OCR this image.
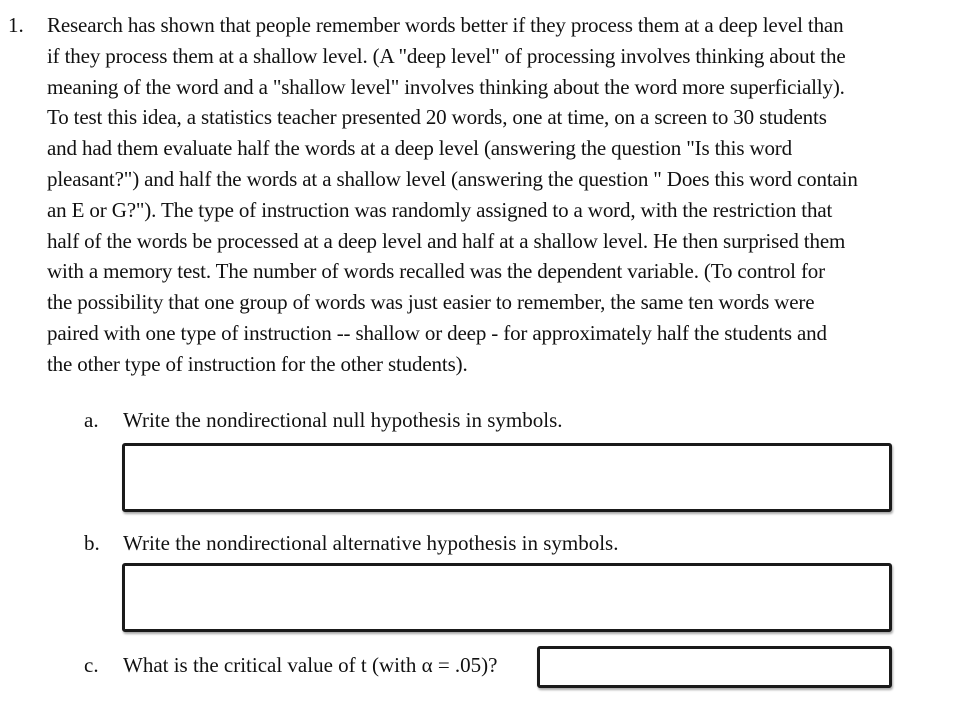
1. Research has shown that people remember words better if they process them at a deep level than
if they process them at a shallow level. (A "deep level" of processing involves thinking about the
meaning of the word and a "shallow level" involves thinking about the word more superficially).
To test this idea, a statistics teacher presented 20 words, one at time, on a screen to 30 students
and had them evaluate half the words at a deep level (answering the question "Is this word
pleasant?") and half the words at a shallow level (answering the question " Does this word contain
an E or G?"). The type of instruction was randomly assigned to a word, with the restriction that
half of the words be processed at a deep level and half at a shallow level. He then surprised them
with a memory test. The number of words recalled was the dependent variable. (To control for
the possibility that one group of words was just easier to remember, the same ten words were
paired with one type of instruction -- shallow or deep - for approximately half the students and
the other type of instruction for the other students).
a. Write the nondirectional null hypothesis in symbols.
b. Write the nondirectional alternative hypothesis in symbols.
c. What is the critical value of t (with α = .05)?
